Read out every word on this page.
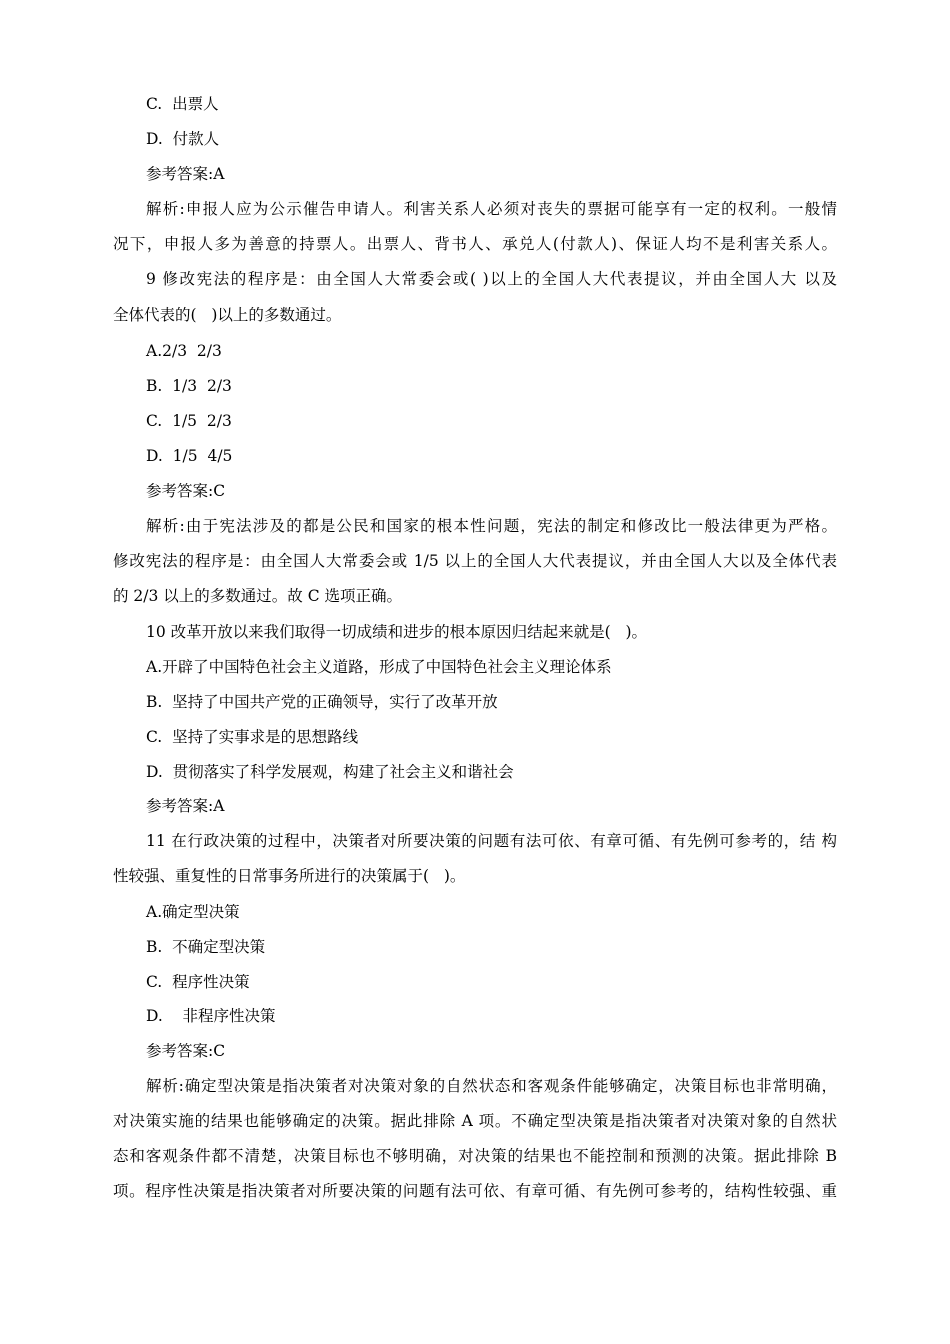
C.  出票人
D.  付款人
参考答案:A
解析:申报人应为公示催告申请人。利害关系人必须对丧失的票据可能享有一定的权利。一般情
况下，申报人多为善意的持票人。出票人、背书人、承兑人(付款人)、保证人均不是利害关系人。
9 修改宪法的程序是：由全国人大常委会或( )以上的全国人大代表提议，并由全国人大 以及
全体代表的(   )以上的多数通过。
A.2/3  2/3
B.  1/3  2/3
C.  1/5  2/3
D.  1/5  4/5
参考答案:C
解析:由于宪法涉及的都是公民和国家的根本性问题，宪法的制定和修改比一般法律更为严格。
修改宪法的程序是：由全国人大常委会或 1/5 以上的全国人大代表提议，并由全国人大以及全体代表
的 2/3 以上的多数通过。故 C 选项正确。
10 改革开放以来我们取得一切成绩和进步的根本原因归结起来就是(   )。
A.开辟了中国特色社会主义道路，形成了中国特色社会主义理论体系
B.  坚持了中国共产党的正确领导，实行了改革开放
C.  坚持了实事求是的思想路线
D.  贯彻落实了科学发展观，构建了社会主义和谐社会
参考答案:A
11 在行政决策的过程中，决策者对所要决策的问题有法可依、有章可循、有先例可参考的，结 构
性较强、重复性的日常事务所进行的决策属于(   )。
A.确定型决策
B.  不确定型决策
C.  程序性决策
D.    非程序性决策
参考答案:C
解析:确定型决策是指决策者对决策对象的自然状态和客观条件能够确定，决策目标也非常明确，
对决策实施的结果也能够确定的决策。据此排除 A 项。不确定型决策是指决策者对决策对象的自然状
态和客观条件都不清楚，决策目标也不够明确，对决策的结果也不能控制和预测的决策。据此排除 B
项。程序性决策是指决策者对所要决策的问题有法可依、有章可循、有先例可参考的，结构性较强、重
